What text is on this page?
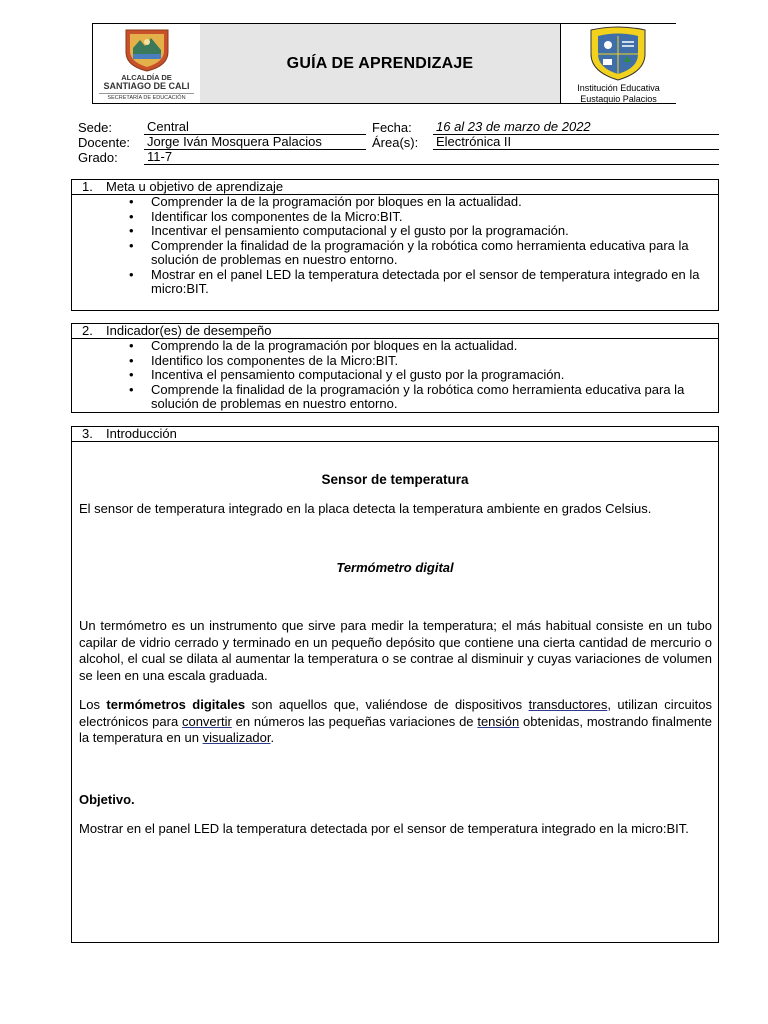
ALCALDÍA DE
SANTIAGO DE CALI
SECRETARÍA DE EDUCACIÓN
GUÍA DE APRENDIZAJE
Institución Educativa
Eustaquio Palacios
Sede:	Central	Fecha: 16 al 23 de marzo de 2022
Docente: Jorge Iván Mosquera Palacios	Área(s): Electrónica II
Grado: 11-7
1. Meta u objetivo de aprendizaje
• Comprender la de la programación por bloques en la actualidad.
• Identificar los componentes de la Micro:BIT.
• Incentivar el pensamiento computacional y el gusto por la programación.
• Comprender la finalidad de la programación y la robótica como herramienta educativa para la solución de problemas en nuestro entorno.
• Mostrar en el panel LED la temperatura detectada por el sensor de temperatura integrado en la micro:BIT.
2. Indicador(es) de desempeño
• Comprendo la de la programación por bloques en la actualidad.
• Identifico los componentes de la Micro:BIT.
• Incentiva el pensamiento computacional y el gusto por la programación.
• Comprende la finalidad de la programación y la robótica como herramienta educativa para la solución de problemas en nuestro entorno.
3. Introducción
Sensor de temperatura

El sensor de temperatura integrado en la placa detecta la temperatura ambiente en grados Celsius.

Termómetro digital

Un termómetro es un instrumento que sirve para medir la temperatura; el más habitual consiste en un tubo capilar de vidrio cerrado y terminado en un pequeño depósito que contiene una cierta cantidad de mercurio o alcohol, el cual se dilata al aumentar la temperatura o se contrae al disminuir y cuyas variaciones de volumen se leen en una escala graduada.

Los termómetros digitales son aquellos que, valiéndose de dispositivos transductores, utilizan circuitos electrónicos para convertir en números las pequeñas variaciones de tensión obtenidas, mostrando finalmente la temperatura en un visualizador.

Objetivo.

Mostrar en el panel LED la temperatura detectada por el sensor de temperatura integrado en la micro:BIT.
